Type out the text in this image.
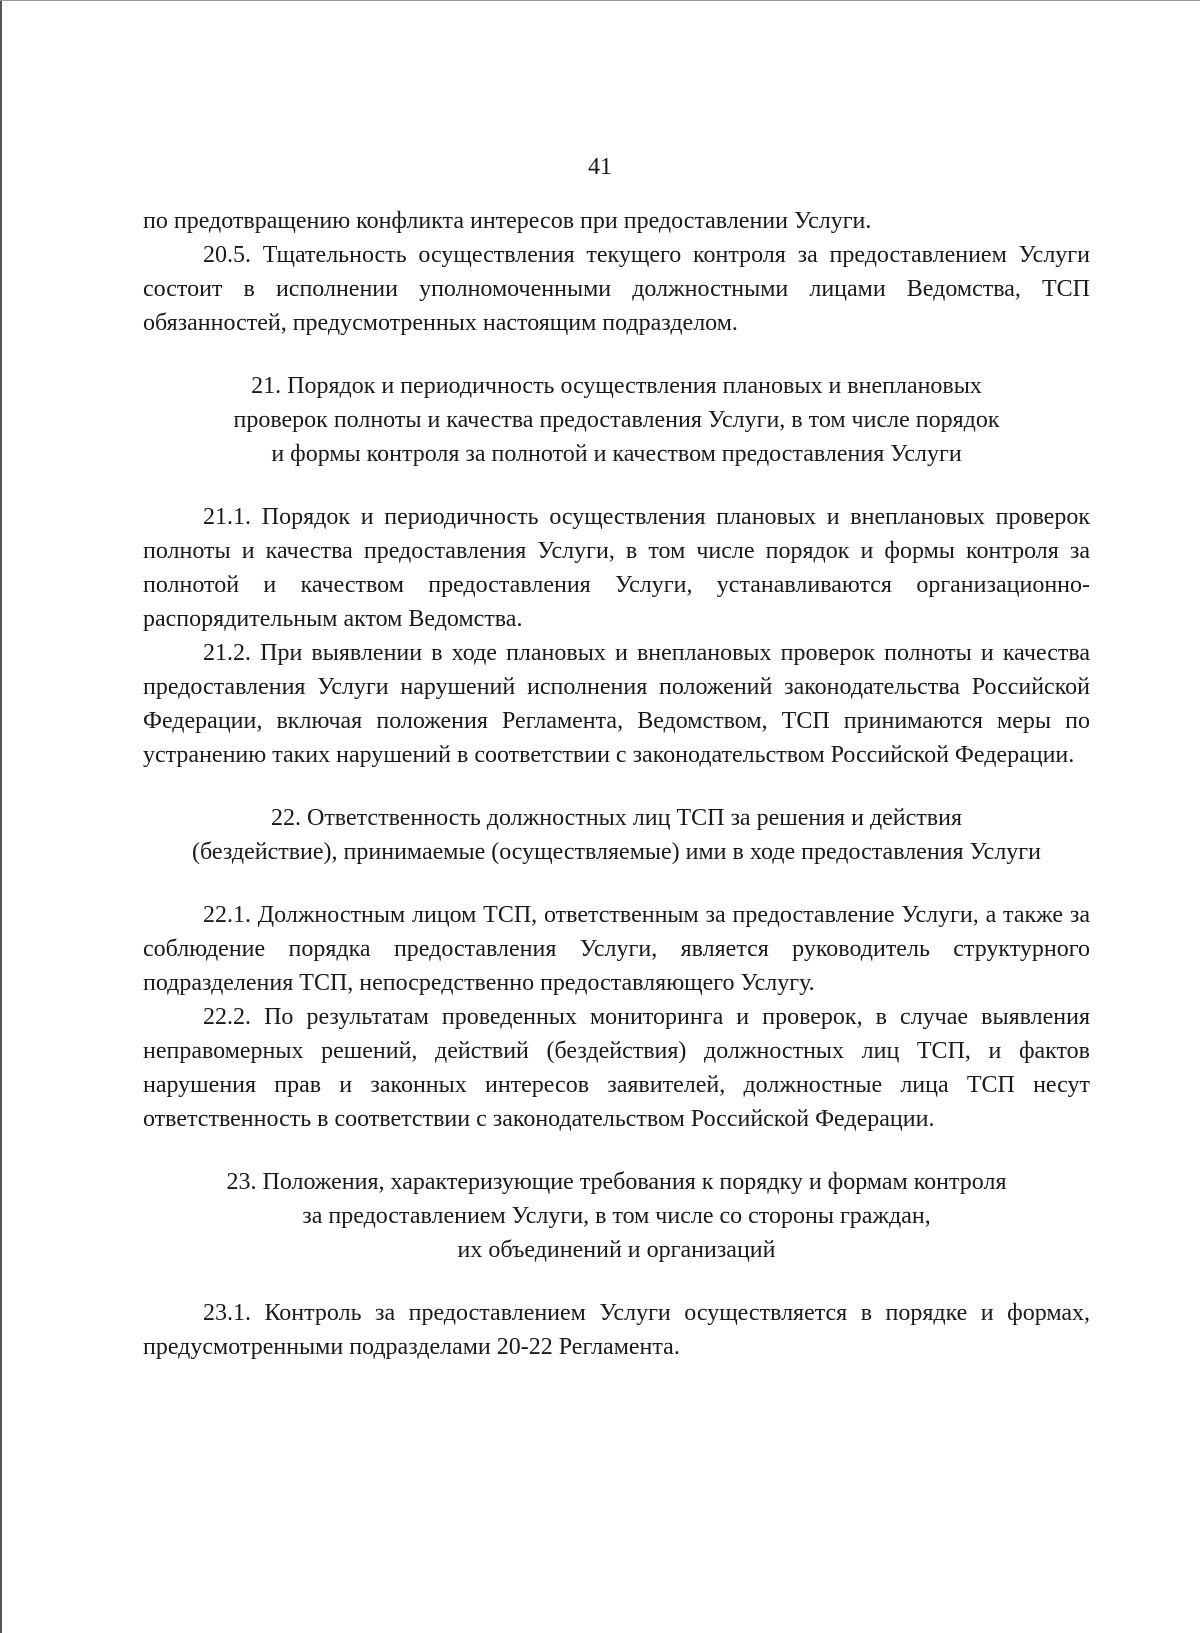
41

по предотвращению конфликта интересов при предоставлении Услуги.

20.5. Тщательность осуществления текущего контроля за предоставлением Услуги состоит в исполнении уполномоченными должностными лицами Ведомства, ТСП обязанностей, предусмотренных настоящим подразделом.

21. Порядок и периодичность осуществления плановых и внеплановых
проверок полноты и качества предоставления Услуги, в том числе порядок
и формы контроля за полнотой и качеством предоставления Услуги

21.1. Порядок и периодичность осуществления плановых и внеплановых проверок полноты и качества предоставления Услуги, в том числе порядок и формы контроля за полнотой и качеством предоставления Услуги, устанавливаются организационно-распорядительным актом Ведомства.

21.2. При выявлении в ходе плановых и внеплановых проверок полноты и качества предоставления Услуги нарушений исполнения положений законодательства Российской Федерации, включая положения Регламента, Ведомством, ТСП принимаются меры по устранению таких нарушений в соответствии с законодательством Российской Федерации.

22. Ответственность должностных лиц ТСП за решения и действия
(бездействие), принимаемые (осуществляемые) ими в ходе предоставления Услуги

22.1. Должностным лицом ТСП, ответственным за предоставление Услуги, а также за соблюдение порядка предоставления Услуги, является руководитель структурного подразделения ТСП, непосредственно предоставляющего Услугу.

22.2. По результатам проведенных мониторинга и проверок, в случае выявления неправомерных решений, действий (бездействия) должностных лиц ТСП, и фактов нарушения прав и законных интересов заявителей, должностные лица ТСП несут ответственность в соответствии с законодательством Российской Федерации.

23. Положения, характеризующие требования к порядку и формам контроля
за предоставлением Услуги, в том числе со стороны граждан,
их объединений и организаций

23.1. Контроль за предоставлением Услуги осуществляется в порядке и формах, предусмотренными подразделами 20-22 Регламента.
